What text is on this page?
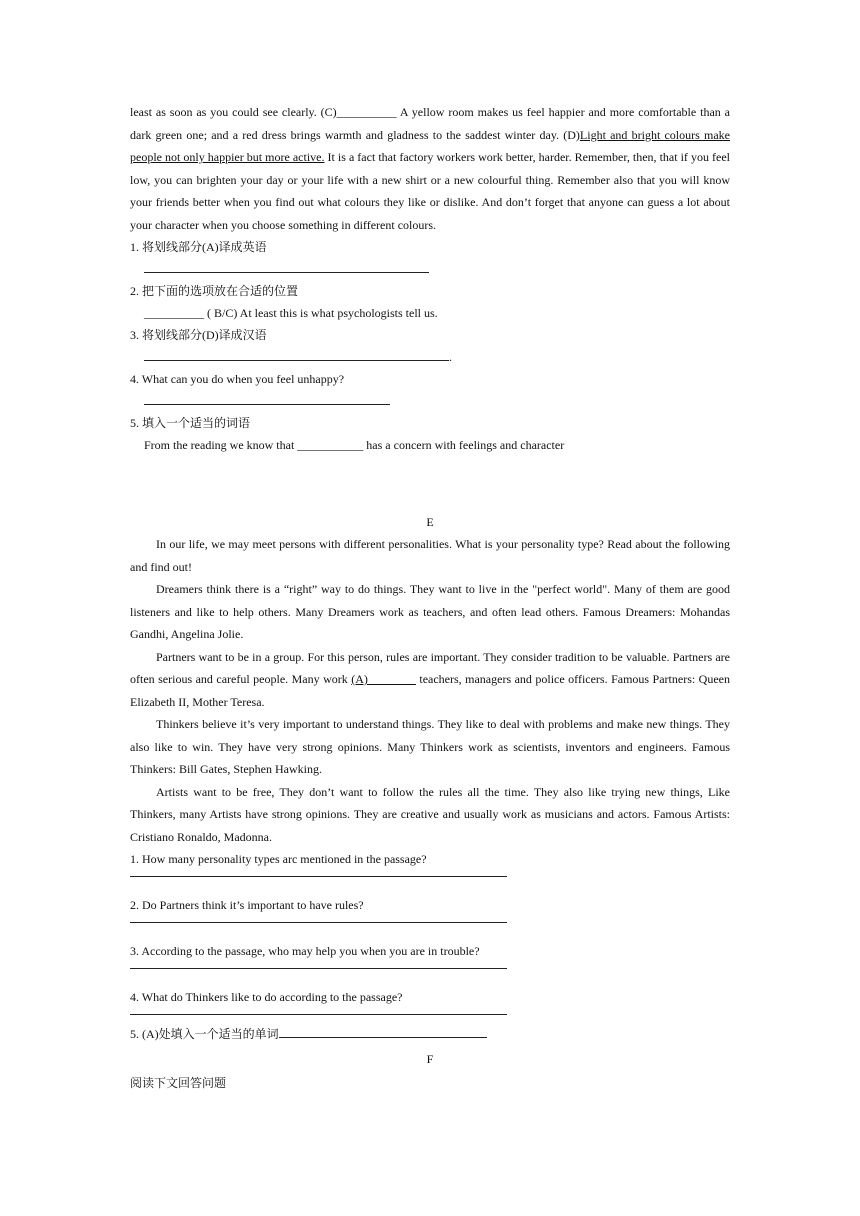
least as soon as you could see clearly. (C)__________ A yellow room makes us feel happier and more comfortable than a dark green one; and a red dress brings warmth and gladness to the saddest winter day. (D)Light and bright colours make people not only happier but more active. It is a fact that factory workers work better, harder. Remember, then, that if you feel low, you can brighten your day or your life with a new shirt or a new colourful thing. Remember also that you will know your friends better when you find out what colours they like or dislike. And don’t forget that anyone can guess a lot about your character when you choose something in different colours.

1. 将划线部分(A)译成英语

2. 把下面的选项放在合适的位置

__________ ( B/C) At least this is what psychologists tell us.

3. 将划线部分(D)译成汉语

.

4. What can you do when you feel unhappy?

5. 填入一个适当的词语

From the reading we know that ___________ has a concern with feelings and character

E

In our life, we may meet persons with different personalities. What is your personality type? Read about the following and find out!

Dreamers think there is a “right” way to do things. They want to live in the "perfect world". Many of them are good listeners and like to help others. Many Dreamers work as teachers, and often lead others. Famous Dreamers: Mohandas Gandhi, Angelina Jolie.

Partners want to be in a group. For this person, rules are important. They consider tradition to be valuable. Partners are often serious and careful people. Many work (A)________ teachers, managers and police officers. Famous Partners: Queen Elizabeth II, Mother Teresa.

Thinkers believe it’s very important to understand things. They like to deal with problems and make new things. They also like to win. They have very strong opinions. Many Thinkers work as scientists, inventors and engineers. Famous Thinkers: Bill Gates, Stephen Hawking.

Artists want to be free, They don’t want to follow the rules all the time. They also like trying new things, Like Thinkers, many Artists have strong opinions. They are creative and usually work as musicians and actors. Famous Artists: Cristiano Ronaldo, Madonna.

1. How many personality types arc mentioned in the passage?

2. Do Partners think it’s important to have rules?

3. According to the passage, who may help you when you are in trouble?

4. What do Thinkers like to do according to the passage?

5. (A)处填入一个适当的单词

F

阅读下文回答问题
